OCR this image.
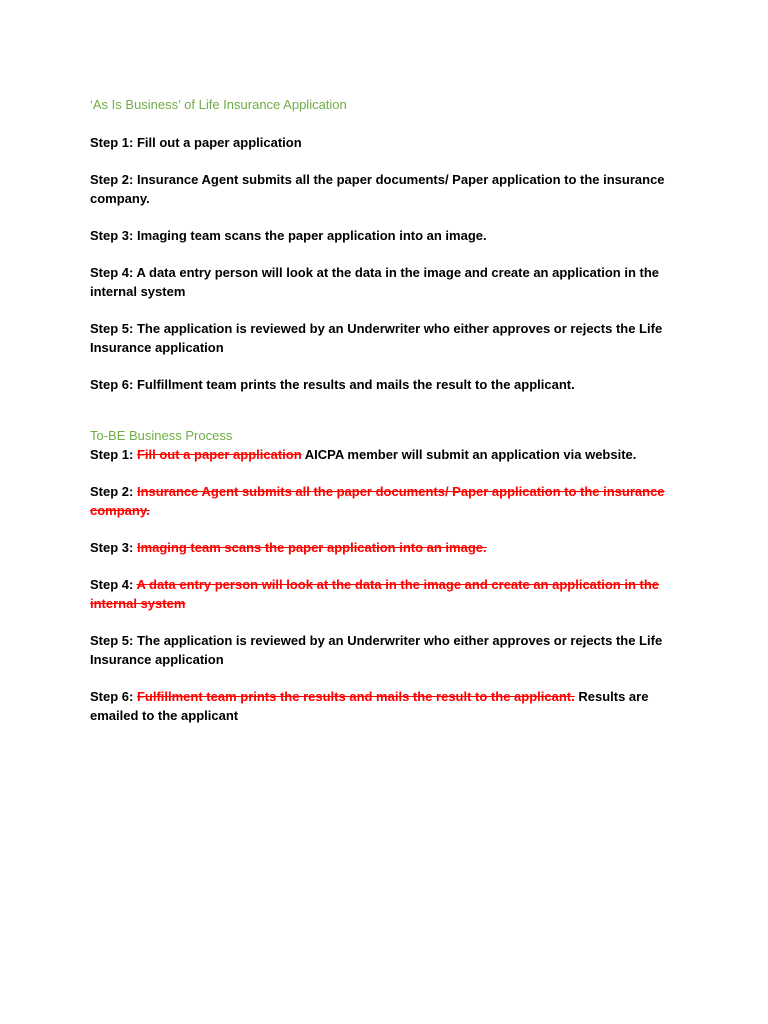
‘As Is Business’ of Life Insurance Application

Step 1: Fill out a paper application

Step 2: Insurance Agent submits all the paper documents/ Paper application to the insurance company.

Step 3: Imaging team scans the paper application into an image.

Step 4: A data entry person will look at the data in the image and create an application in the internal system

Step 5: The application is reviewed by an Underwriter who either approves or rejects the Life Insurance application

Step 6: Fulfillment team prints the results and mails the result to the applicant.

To-BE Business Process

Step 1: Fill out a paper application AICPA member will submit an application via website.

Step 2: Insurance Agent submits all the paper documents/ Paper application to the insurance company.

Step 3: Imaging team scans the paper application into an image.

Step 4: A data entry person will look at the data in the image and create an application in the internal system

Step 5: The application is reviewed by an Underwriter who either approves or rejects the Life Insurance application

Step 6: Fulfillment team prints the results and mails the result to the applicant. Results are emailed to the applicant
